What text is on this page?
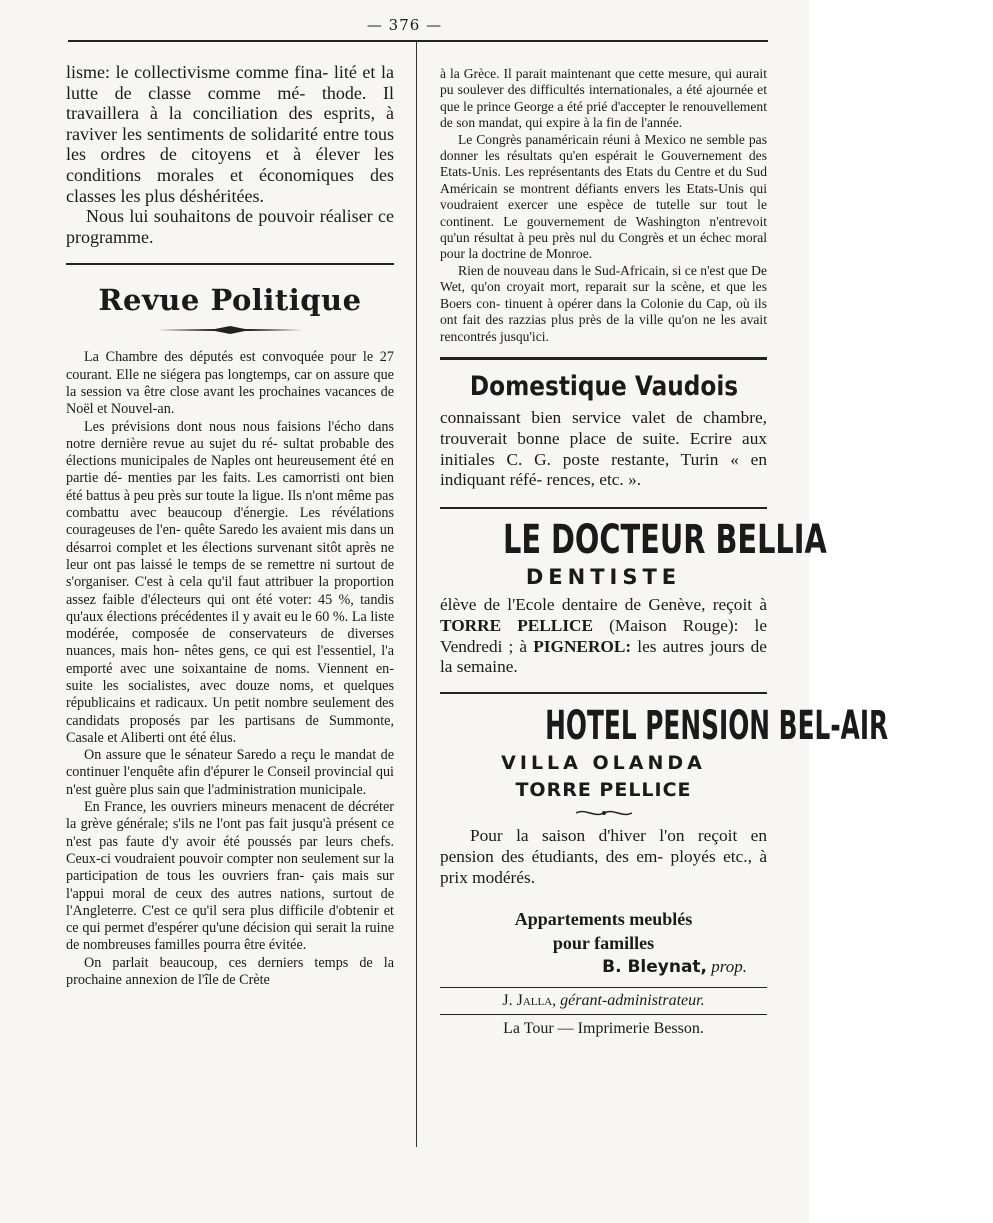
— 376 —

lisme: le collectivisme comme fina- lité et la lutte de classe comme mé- thode. Il travaillera à la conciliation des esprits, à raviver les sentiments de solidarité entre tous les ordres de citoyens et à élever les conditions morales et économiques des classes les plus déshéritées.

Nous lui souhaitons de pouvoir réaliser ce programme.

Revue Politique

La Chambre des députés est convoquée pour le 27 courant. Elle ne siégera pas longtemps, car on assure que la session va être close avant les prochaines vacances de Noël et Nouvel-an.

Les prévisions dont nous nous faisions l'écho dans notre dernière revue au sujet du ré- sultat probable des élections municipales de Naples ont heureusement été en partie dé- menties par les faits. Les camorristi ont bien été battus à peu près sur toute la ligue. Ils n'ont même pas combattu avec beaucoup d'énergie. Les révélations courageuses de l'en- quête Saredo les avaient mis dans un désarroi complet et les élections survenant sitôt après ne leur ont pas laissé le temps de se remettre ni surtout de s'organiser. C'est à cela qu'il faut attribuer la proportion assez faible d'électeurs qui ont été voter: 45 %, tandis qu'aux élections précédentes il y avait eu le 60 %. La liste modérée, composée de conservateurs de diverses nuances, mais hon- nêtes gens, ce qui est l'essentiel, l'a emporté avec une soixantaine de noms. Viennent en- suite les socialistes, avec douze noms, et quelques républicains et radicaux. Un petit nombre seulement des candidats proposés par les partisans de Summonte, Casale et Aliberti ont été élus.

On assure que le sénateur Saredo a reçu le mandat de continuer l'enquête afin d'épurer le Conseil provincial qui n'est guère plus sain que l'administration municipale.

En France, les ouvriers mineurs menacent de décréter la grève générale; s'ils ne l'ont pas fait jusqu'à présent ce n'est pas faute d'y avoir été poussés par leurs chefs. Ceux-ci voudraient pouvoir compter non seulement sur la participation de tous les ouvriers fran- çais mais sur l'appui moral de ceux des autres nations, surtout de l'Angleterre. C'est ce qu'il sera plus difficile d'obtenir et ce qui permet d'espérer qu'une décision qui serait la ruine de nombreuses familles pourra être évitée.

On parlait beaucoup, ces derniers temps de la prochaine annexion de l'île de Crète

à la Grèce. Il parait maintenant que cette mesure, qui aurait pu soulever des difficultés internationales, a été ajournée et que le prince George a été prié d'accepter le renouvellement de son mandat, qui expire à la fin de l'année.

Le Congrès panaméricain réuni à Mexico ne semble pas donner les résultats qu'en espérait le Gouvernement des Etats-Unis. Les représentants des Etats du Centre et du Sud Américain se montrent défiants envers les Etats-Unis qui voudraient exercer une espèce de tutelle sur tout le continent. Le gouvernement de Washington n'entrevoit qu'un résultat à peu près nul du Congrès et un échec moral pour la doctrine de Monroe.

Rien de nouveau dans le Sud-Africain, si ce n'est que De Wet, qu'on croyait mort, reparait sur la scène, et que les Boers con- tinuent à opérer dans la Colonie du Cap, où ils ont fait des razzias plus près de la ville qu'on ne les avait rencontrés jusqu'ici.

Domestique Vaudois

connaissant bien service valet de chambre, trouverait bonne place de suite. Ecrire aux initiales C. G. poste restante, Turin « en indiquant réfé- rences, etc. ».

LE DOCTEUR BELLIA
DENTISTE

élève de l'Ecole dentaire de Genève, reçoit à TORRE PELLICE (Maison Rouge): le Vendredi ; à PIGNEROL: les autres jours de la semaine.

HOTEL PENSION BEL-AIR
VILLA OLANDA
TORRE PELLICE

Pour la saison d'hiver l'on reçoit en pension des étudiants, des em- ployés etc., à prix modérés.

Appartements meublés
pour familles
B. Bleynat, prop.
J. Jalla, gérant-administrateur.
La Tour — Imprimerie Besson.
